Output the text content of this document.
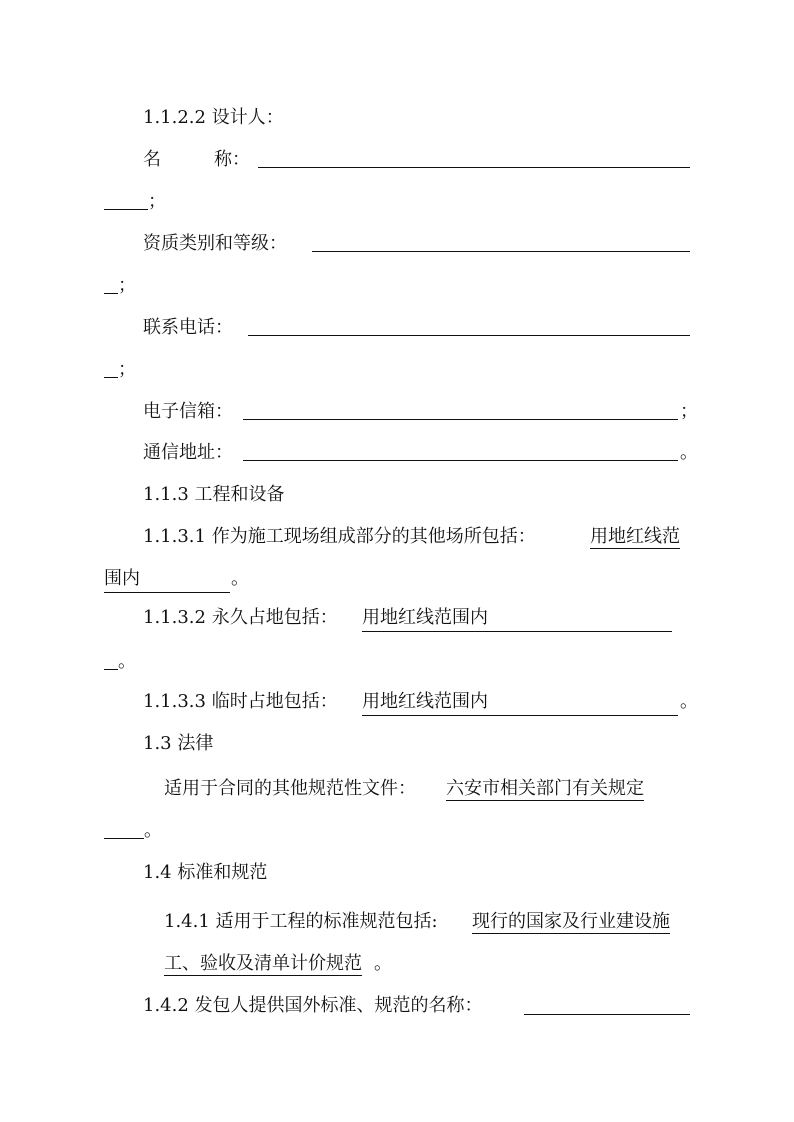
1.1.2.2 设计人：
名	称：
；
资质类别和等级：
；
联系电话：
；
电子信箱：	；
通信地址：	。
1.1.3 工程和设备
1.1.3.1 作为施工现场组成部分的其他场所包括：	用地红线范
围内	。
1.1.3.2 永久占地包括： 用地红线范围内
。
1.1.3.3 临时占地包括： 用地红线范围内	。
1.3 法律
适用于合同的其他规范性文件： 六安市相关部门有关规定
。
1.4 标准和规范
1.4.1 适用于工程的标准规范包括: 现行的国家及行业建设施
工、验收及清单计价规范 。
1.4.2 发包人提供国外标准、规范的名称：
